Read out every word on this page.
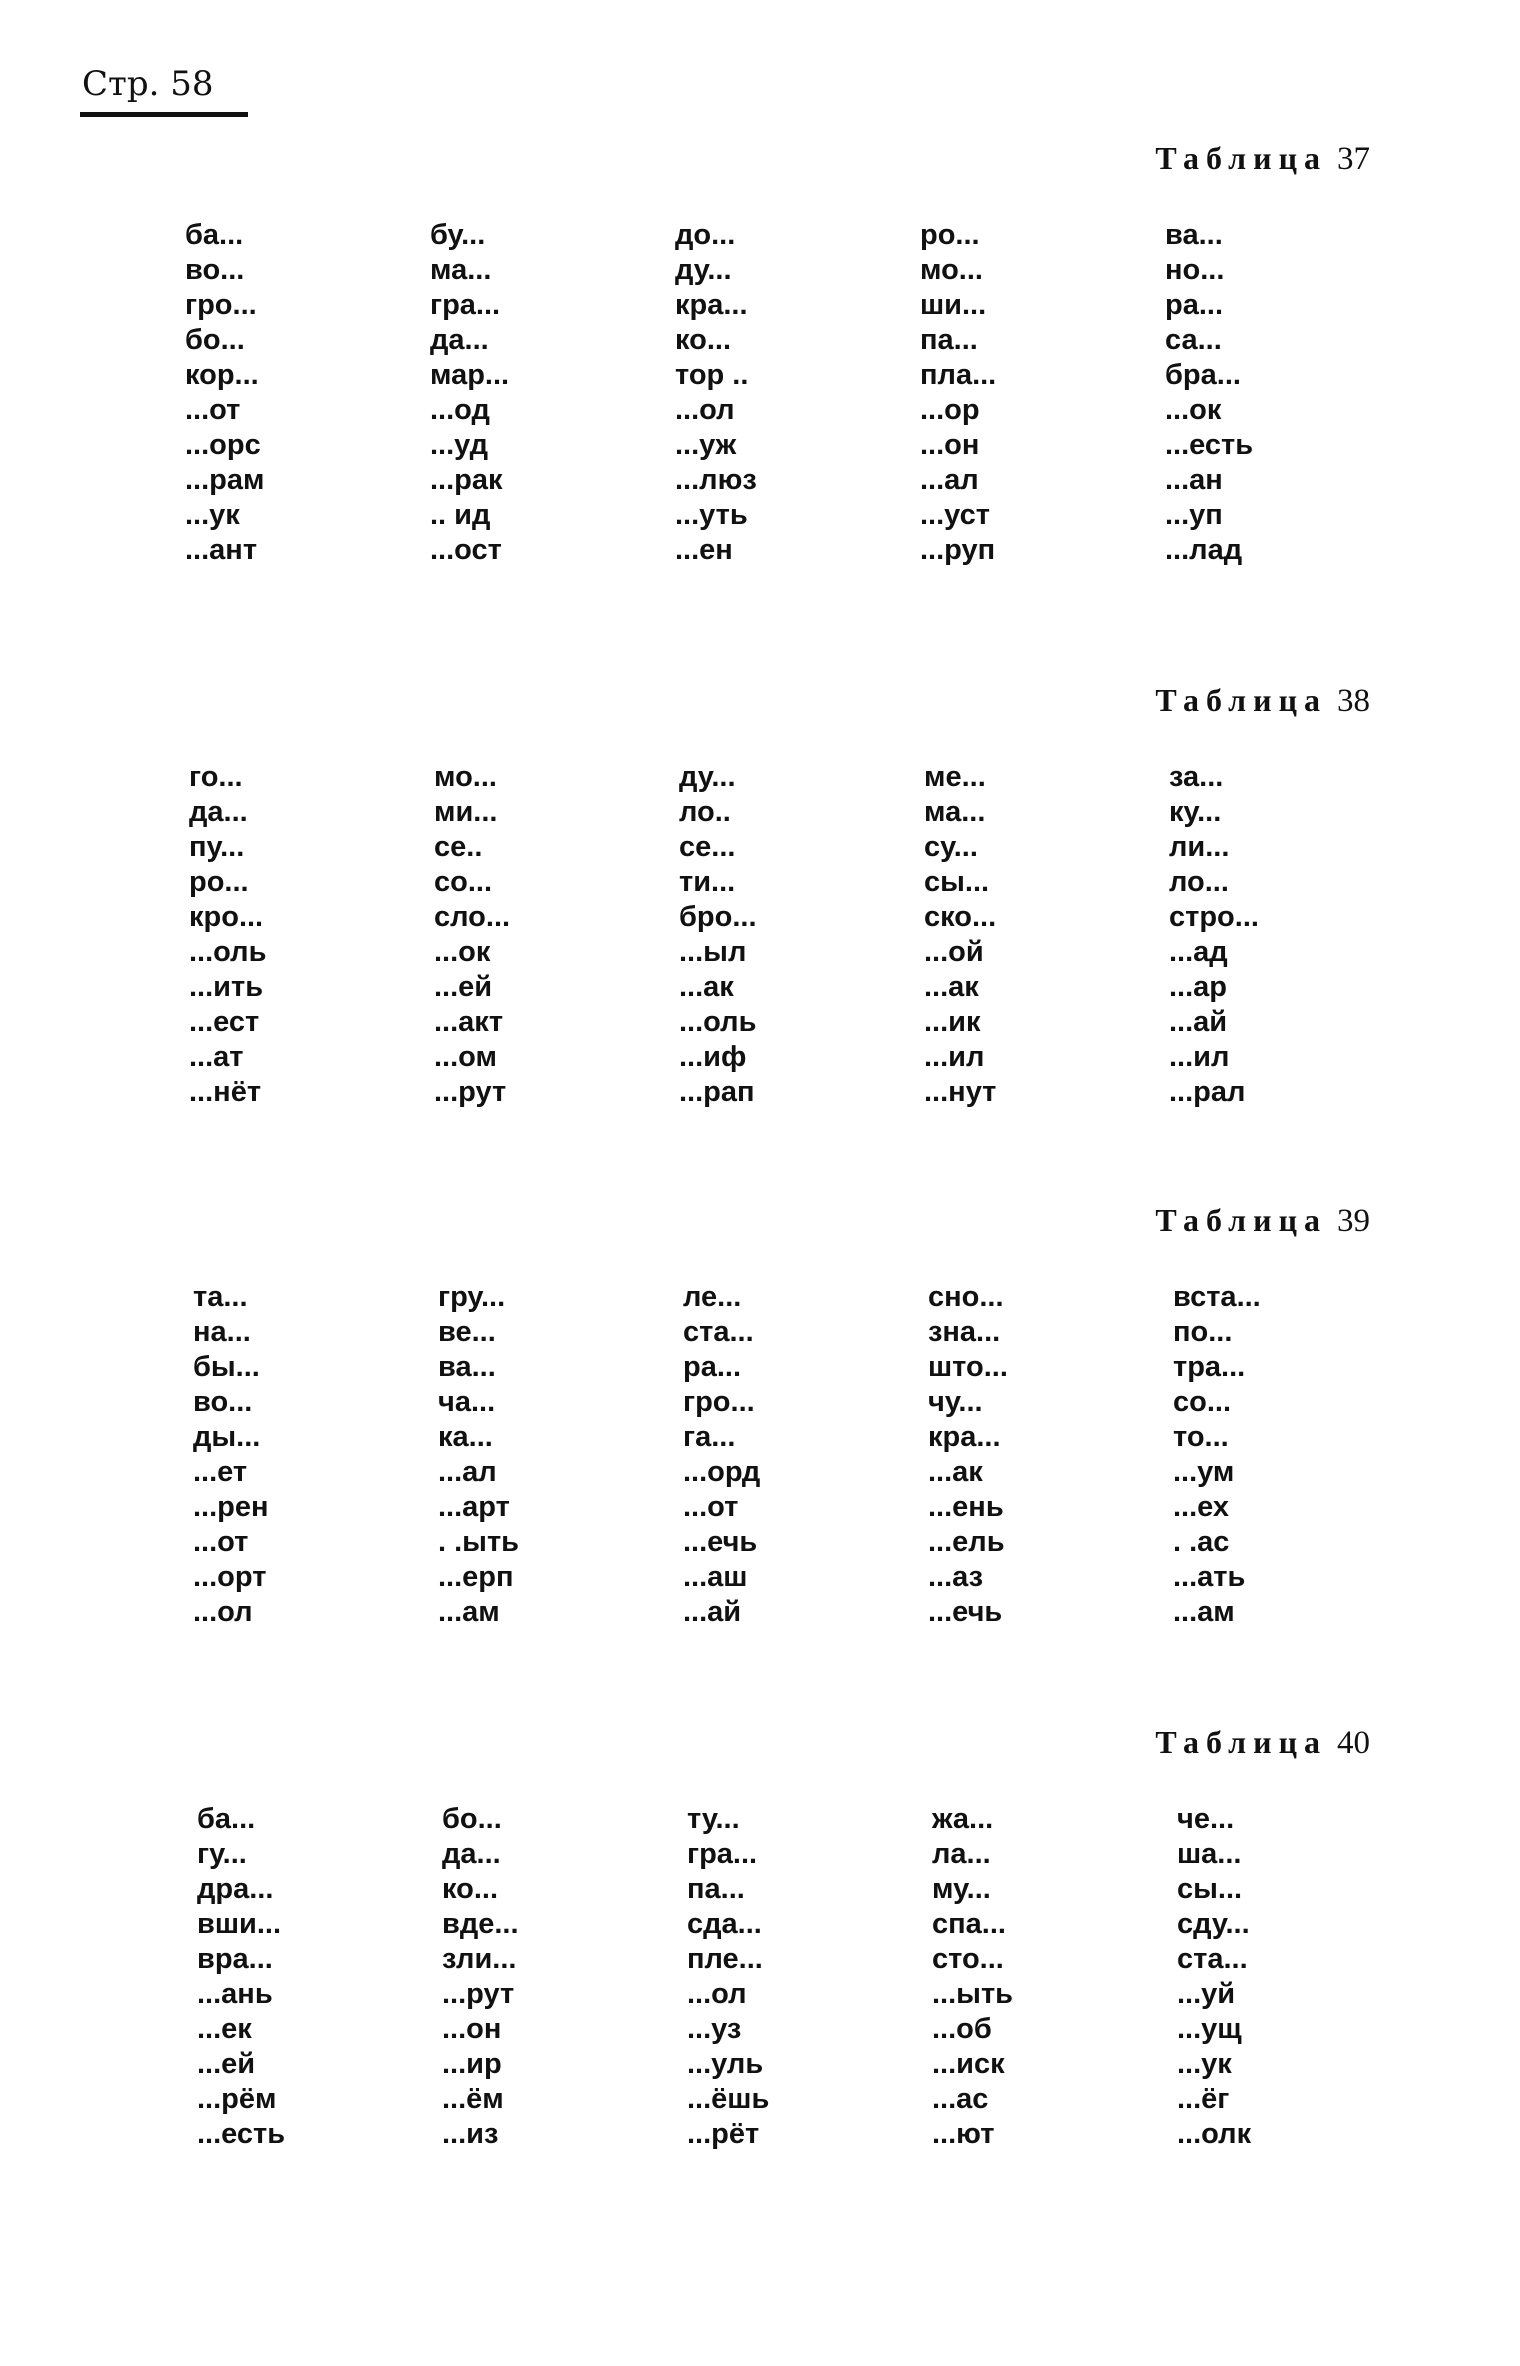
Стр. 58
Таблица 37
ба...
во...
гро...
бо...
кор...
...от
...орс
...рам
...ук
...ант
бу...
ма...
гра...
да...
мар...
...од
...уд
...рак
.. ид
...ост
до...
ду...
кра...
ко...
тор ..
...ол
...уж
...люз
...уть
...ен
ро...
мо...
ши...
па...
пла...
...ор
...он
...ал
...уст
...руп
ва...
но...
ра...
са...
бра...
...ок
...есть
...ан
...уп
...лад
Таблица 38
го...
да...
пу...
ро...
кро...
...оль
...ить
...ест
...ат
...нёт
мо...
ми...
се..
со...
сло...
...ок
...ей
...акт
...ом
...рут
ду...
ло..
се...
ти...
бро...
...ыл
...ак
...оль
...иф
...рап
ме...
ма...
су...
сы...
ско...
...ой
...ак
...ик
...ил
...нут
за...
ку...
ли...
ло...
стро...
...ад
...ар
...ай
...ил
...рал
Таблица 39
та...
на...
бы...
во...
ды...
...ет
...рен
...от
...орт
...ол
гру...
ве...
ва...
ча...
ка...
...ал
...арт
. .ыть
...ерп
...ам
ле...
ста...
ра...
гро...
га...
...орд
...от
...ечь
...аш
...ай
сно...
зна...
што...
чу...
кра...
...ак
...ень
...ель
...аз
...ечь
вста...
по...
тра...
со...
то...
...ум
...ех
. .ас
...ать
...ам
Таблица 40
ба...
гу...
дра...
вши...
вра...
...ань
...ек
...ей
...рём
...есть
бо...
да...
ко...
вде...
зли...
...рут
...он
...ир
...ём
...из
ту...
гра...
па...
сда...
пле...
...ол
...уз
...уль
...ёшь
...рёт
жа...
ла...
му...
спа...
сто...
...ыть
...об
...иск
...ас
...ют
че...
ша...
сы...
сду...
ста...
...уй
...ущ
...ук
...ёг
...олк
